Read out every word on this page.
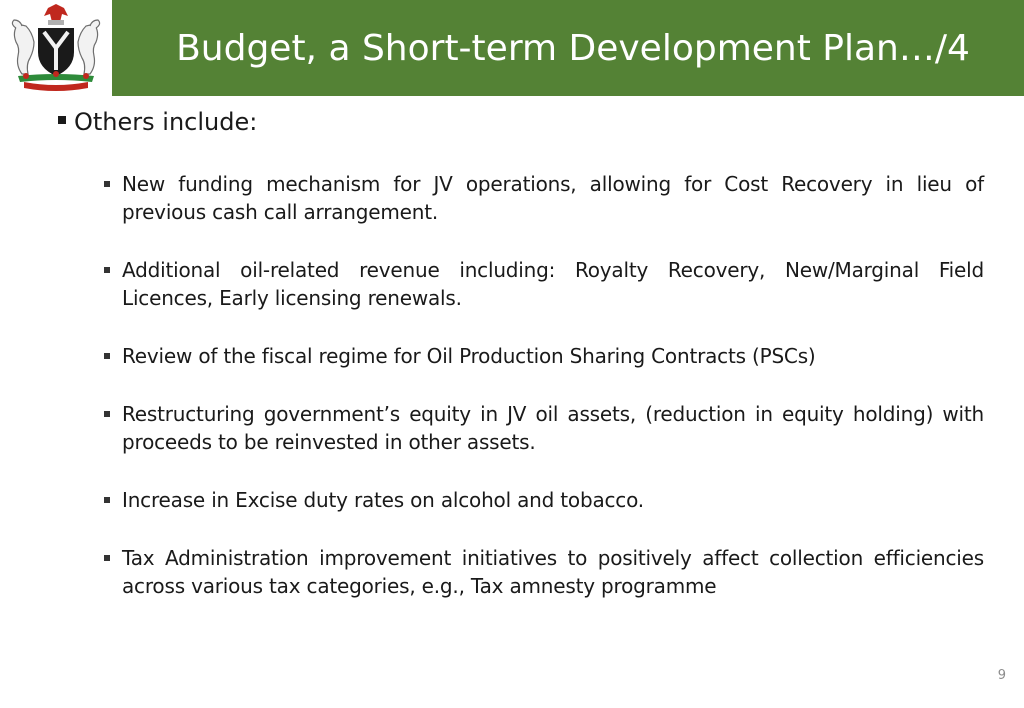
Budget, a Short-term Development Plan…/4
Others include:
New funding mechanism for JV operations, allowing for Cost Recovery in lieu of previous cash call arrangement.
Additional oil-related revenue including: Royalty Recovery, New/Marginal Field Licences, Early licensing renewals.
Review of the fiscal regime for Oil Production Sharing Contracts (PSCs)
Restructuring government’s equity in JV oil assets, (reduction in equity holding) with proceeds to be reinvested in other assets.
Increase in Excise duty rates on alcohol and tobacco.
Tax Administration improvement initiatives to positively affect collection efficiencies across various tax categories, e.g., Tax amnesty programme
9
